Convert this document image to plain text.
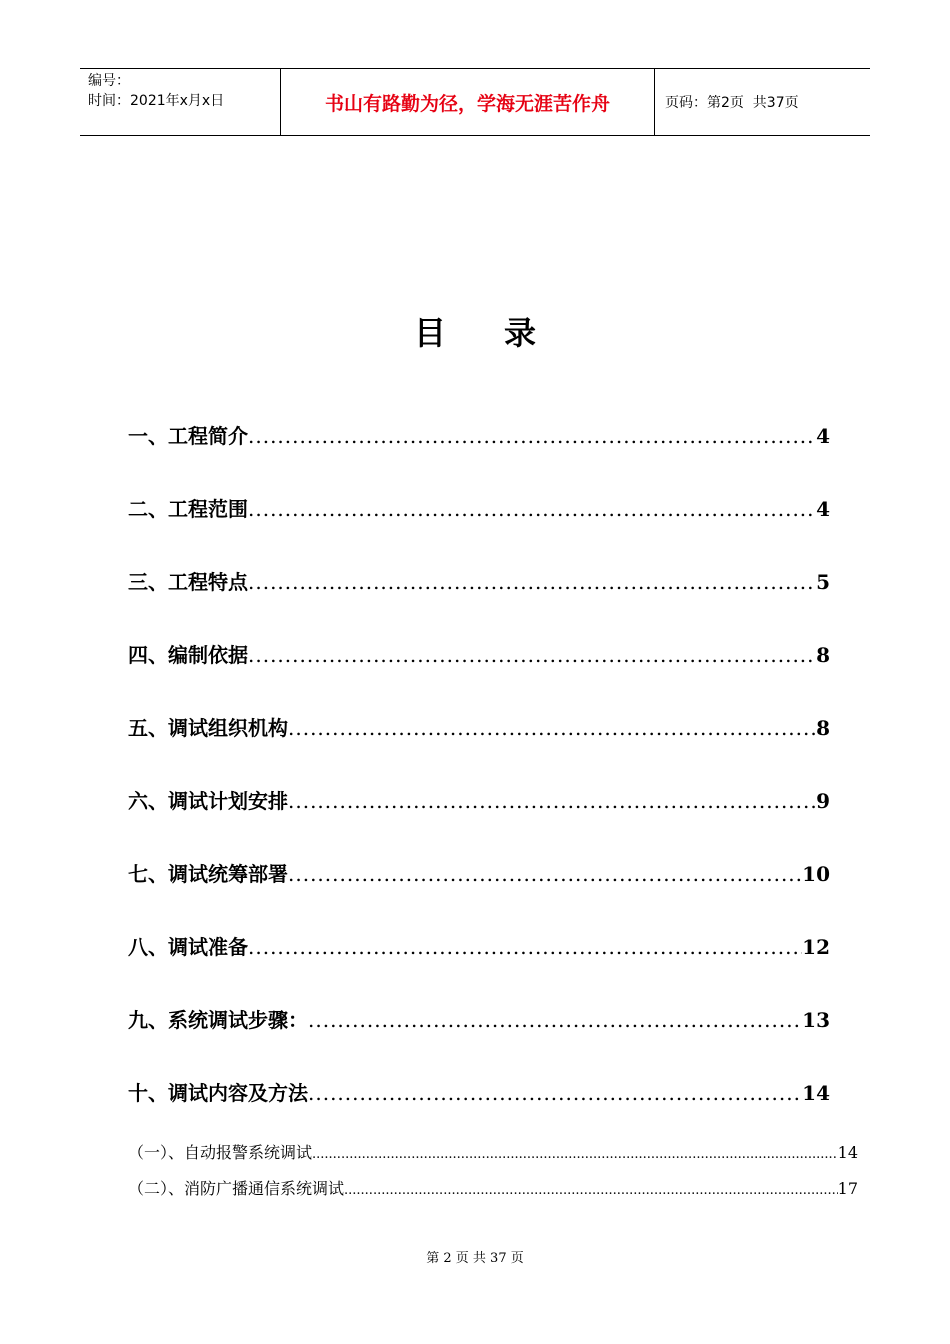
编号：
时间：2021年x月x日	书山有路勤为径，学海无涯苦作舟	页码：第2页  共37页
目 录
一、工程简介 .....	4
二、工程范围 .....	4
三、工程特点 .....	5
四、编制依据 .....	8
五、调试组织机构 .....	8
六、调试计划安排 .....	9
七、调试统筹部署 .....	10
八、调试准备 .....	12
九、系统调试步骤： .....	13
十、调试内容及方法 .....	14
（一）、自动报警系统调试 .....	14
（二）、消防广播通信系统调试 .....	17
第 2 页 共 37 页
